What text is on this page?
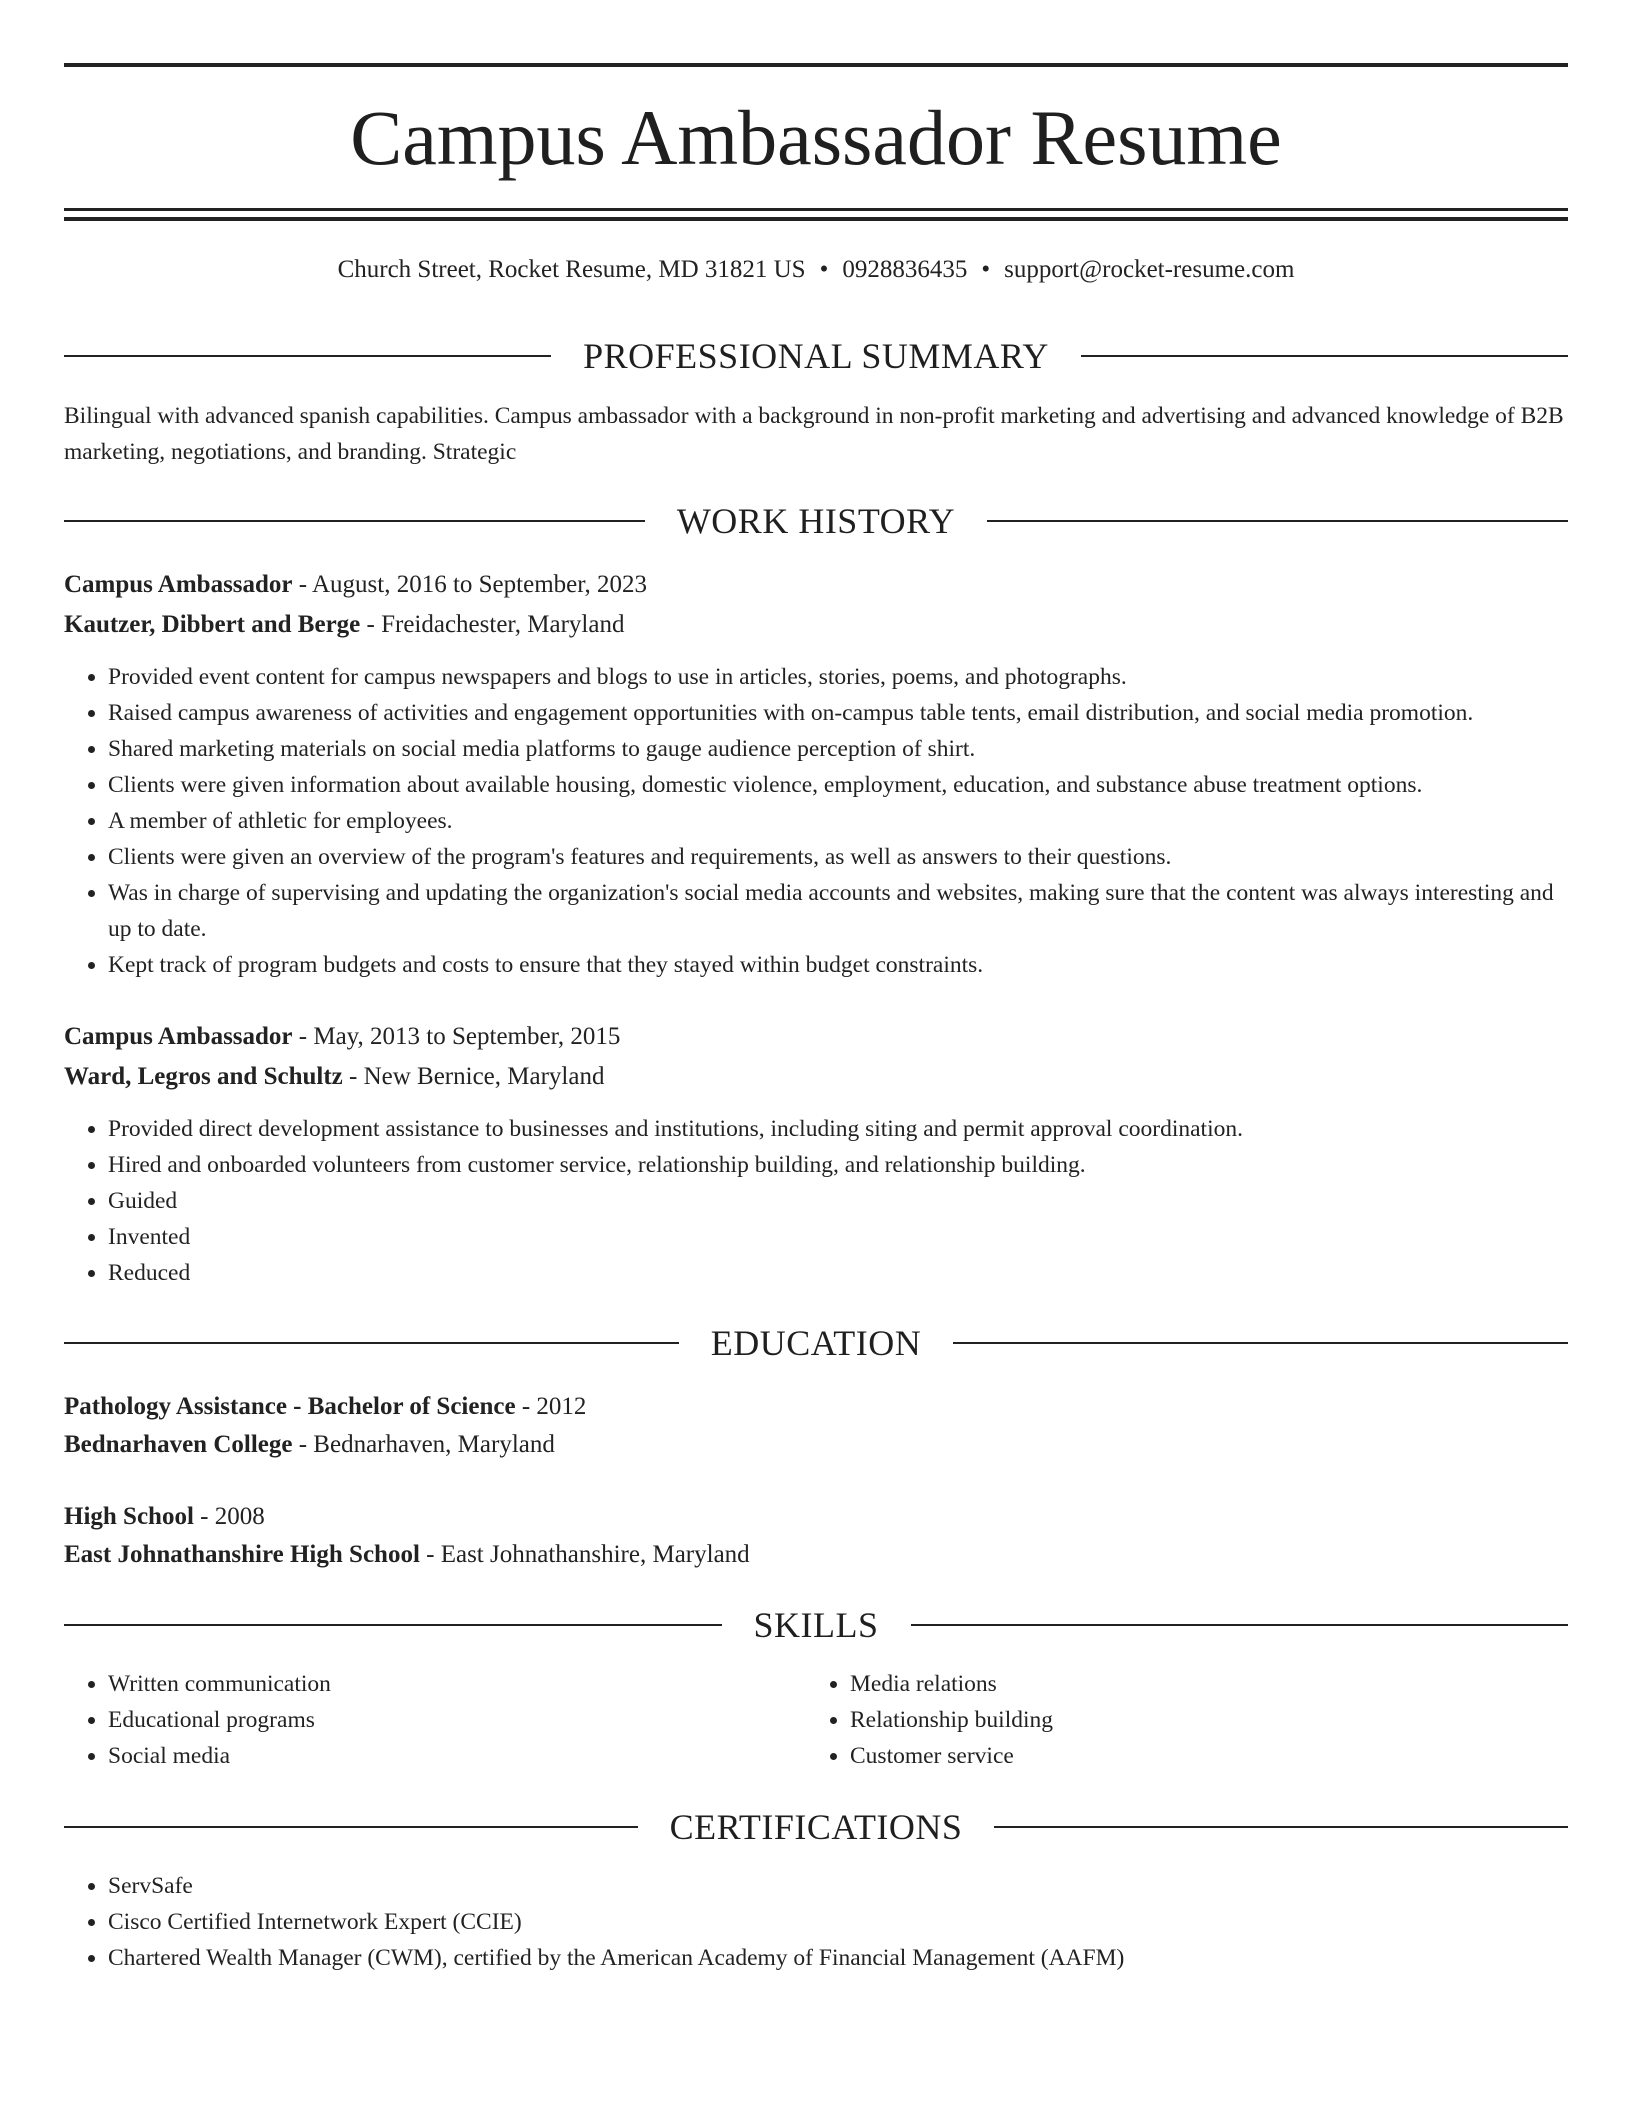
Campus Ambassador Resume
Church Street, Rocket Resume, MD 31821 US • 0928836435 • support@rocket-resume.com
PROFESSIONAL SUMMARY

Bilingual with advanced spanish capabilities. Campus ambassador with a background in non-profit marketing and advertising and advanced knowledge of B2B marketing, negotiations, and branding. Strategic

WORK HISTORY
Campus Ambassador - August, 2016 to September, 2023
Kautzer, Dibbert and Berge - Freidachester, Maryland
• Provided event content for campus newspapers and blogs to use in articles, stories, poems, and photographs.
• Raised campus awareness of activities and engagement opportunities with on-campus table tents, email distribution, and social media promotion.
• Shared marketing materials on social media platforms to gauge audience perception of shirt.
• Clients were given information about available housing, domestic violence, employment, education, and substance abuse treatment options.
• A member of athletic for employees.
• Clients were given an overview of the program's features and requirements, as well as answers to their questions.
• Was in charge of supervising and updating the organization's social media accounts and websites, making sure that the content was always interesting and up to date.
• Kept track of program budgets and costs to ensure that they stayed within budget constraints.
Campus Ambassador - May, 2013 to September, 2015
Ward, Legros and Schultz - New Bernice, Maryland
• Provided direct development assistance to businesses and institutions, including siting and permit approval coordination.
• Hired and onboarded volunteers from customer service, relationship building, and relationship building.
• Guided
• Invented
• Reduced
EDUCATION
Pathology Assistance - Bachelor of Science - 2012
Bednarhaven College - Bednarhaven, Maryland
High School - 2008
East Johnathanshire High School - East Johnathanshire, Maryland
SKILLS
• Written communication
• Educational programs
• Social media
• Media relations
• Relationship building
• Customer service
CERTIFICATIONS
• ServSafe
• Cisco Certified Internetwork Expert (CCIE)
• Chartered Wealth Manager (CWM), certified by the American Academy of Financial Management (AAFM)
